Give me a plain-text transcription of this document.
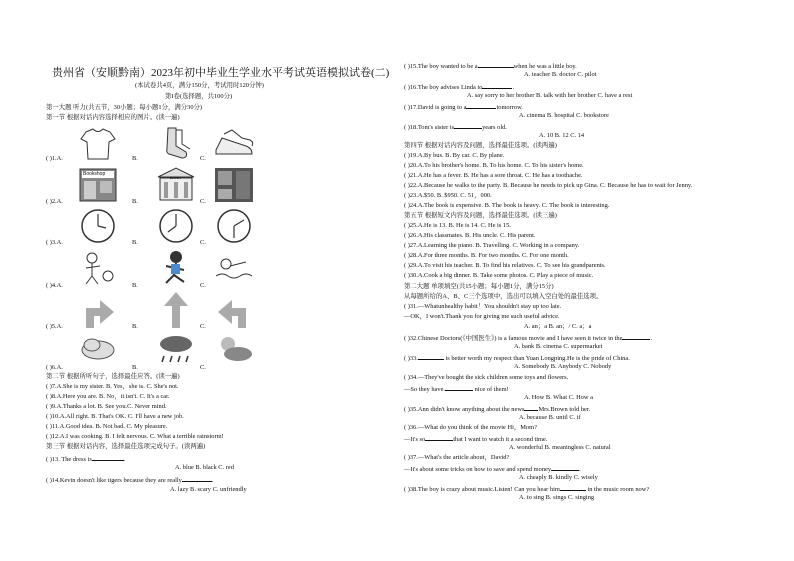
贵州省（安顺黔南）2023年初中毕业生学业水平考试英语模拟试卷(二)
(本试卷共4页，满分150分，考试用时120分钟)
第I卷(选择题，共100分)
第一大题 听力(共五节，30小题；每小题1分，满分30分)
第一节 根据对话内容选择相应的图片。(读一遍)
( )1.A.	B.	C.
( )2.A.	B.	C.
Bookshop
BANK
( )3.A.	B.	C.
( )4.A.	B.	C.
( )5.A.	B.	C.
( )6.A.	B.	C.
第二节 根据所听句子，选择最佳应答。(读一遍)
( )7.A.She is my sister. B. Yes，she is. C. She's not.
( )8.A.Here you are. B. No，it isn't. C. It's a car.
( )9.A.Thanks a lot. B. See you.C. Never mind.
( )10.A.All right. B. That's OK. C. I'll have a new job.
( )11.A.Good idea. B. Not bad. C. My pleasure.
( )12.A.I was cooking. B. I felt nervous. C. What a terrible rainstorm!
第三节 根据对话内容，选择最佳选项完成句子。(读两遍)
( )13. The dress is	.
A. blue B. black C. red
( )14.Kevin doesn't like tigers because they are really	.
A. lazy B. scary C. unfriendly
( )15.The boy wanted to be a	when he was a little boy.
A. teacher B. doctor C. pilot
( )16.The boy advises Linda to	.
A. say sorry to her brother B. talk with her brother C. have a rest
( )17.David is going to a	tomorrow.
A. cinema B. hospital C. bookstore
( )18.Tom's sister is	years old.
A. 10 B. 12 C. 14
第四节 根据对话内容及问题，选择最佳选项。(读两遍)
( )19.A.By bus. B. By car. C. By plane.
( )20.A.To his brother's home. B. To his home. C. To his sister's home.
( )21.A.He has a fever. B. He has a sore throat. C. He has a toothache.
( )22.A.Because he walks to the party. B. Because he needs to pick up Gina. C. Because he has to wait for Jenny.
( )23.A.$50. B. $950. C. 51，000.
( )24.A.The book is expensive. B. The book is heavy. C. The book is interesting.
第五节 根据短文内容及问题，选择最佳选项。(读三遍)
( )25.A.He is 13. B. He is 14. C. He is 15.
( )26.A.His classmates. B. His uncle. C. His parent.
( )27.A.Learning the piano. B. Travelling. C. Working in a company.
( )28.A.For three months. B. For two months. C. For one month.
( )29.A.To visit his teacher. B. To find his relatives. C. To see his grandparents.
( )30.A.Cook a big dinner. B. Take some photos. C. Play a piece of music.
第二大题 单项填空(共15小题；每小题1分，满分15分)
从每题所给的A、B、C三个选项中，选出可以填入空白处的最佳选项。
( )31.—Whatunhealthy habit！You shouldn't stay up too late.
—OK，I won't.Thank you for giving me such useful advice.
A. an；a B. an；/ C. a；a
( )32.Chinese Doctors(《中国医生》) is a famous movie and I have seen it twice in the	.
A. bank B. cinema C. supermarket
( )33.	is better worth my respect than Yuan Longping.He is the pride of China.
A. Somebody B. Anybody C. Nobody
( )34.—They've bought the sick children some toys and flowers.
—So they have.	nice of them!
A. How B. What C. How a
( )35.Ann didn't know anything about the news Mrs.Brown told her.
A. because B. until C. if
( )36.—What do you think of the movie Hi，Mom?
—It's so	that I want to watch it a second time.
A. wonderful B. meaningless C. natural
( )37.—What's the article about，David?
—It's about some tricks on how to save and spend money	.
A. cheaply B. kindly C. wisely
( )38.The boy is crazy about music.Listen! Can you hear him	in the music room now?
A. to sing B. sings C. singing
